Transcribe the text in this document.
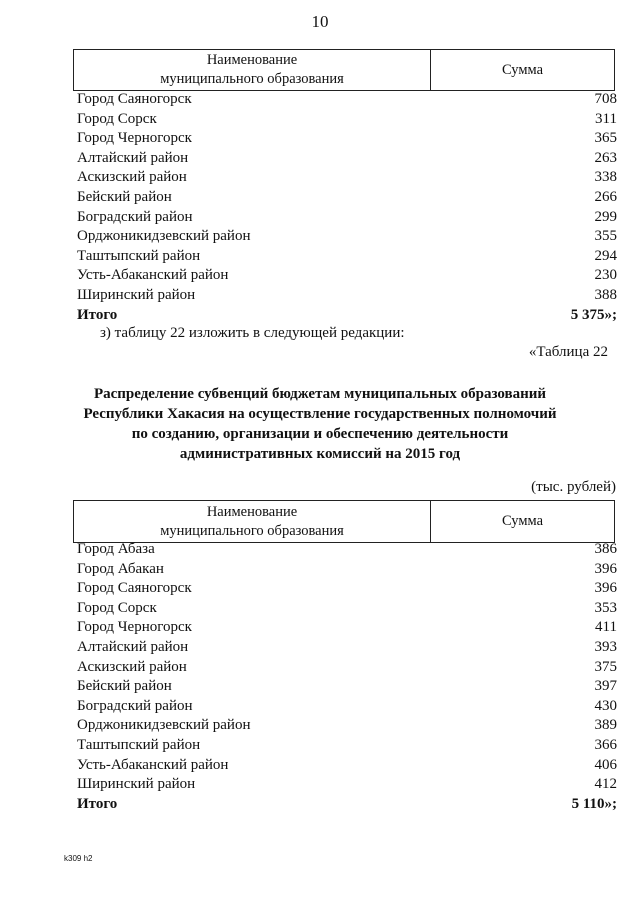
10
Наименование
муниципального образования
	Сумма
Город Саяногорск	708
Город Сорск	311
Город Черногорск	365
Алтайский район	263
Аскизский район	338
Бейский район	266
Боградский район	299
Орджоникидзевский район	355
Таштыпский район	294
Усть-Абаканский район	230
Ширинский район	388
Итого	5 375»;
з) таблицу 22 изложить в следующей редакции:
«Таблица 22
Распределение субвенций бюджетам муниципальных образований
Республики Хакасия на осуществление государственных полномочий
по созданию, организации и обеспечению деятельности
административных комиссий на 2015 год
(тыс. рублей)
Наименование
муниципального образования
	Сумма
Город Абаза	386
Город Абакан	396
Город Саяногорск	396
Город Сорск	353
Город Черногорск	411
Алтайский район	393
Аскизский район	375
Бейский район	397
Боградский район	430
Орджоникидзевский район	389
Таштыпский район	366
Усть-Абаканский район	406
Ширинский район	412
Итого	5 110»;
k309 h2
